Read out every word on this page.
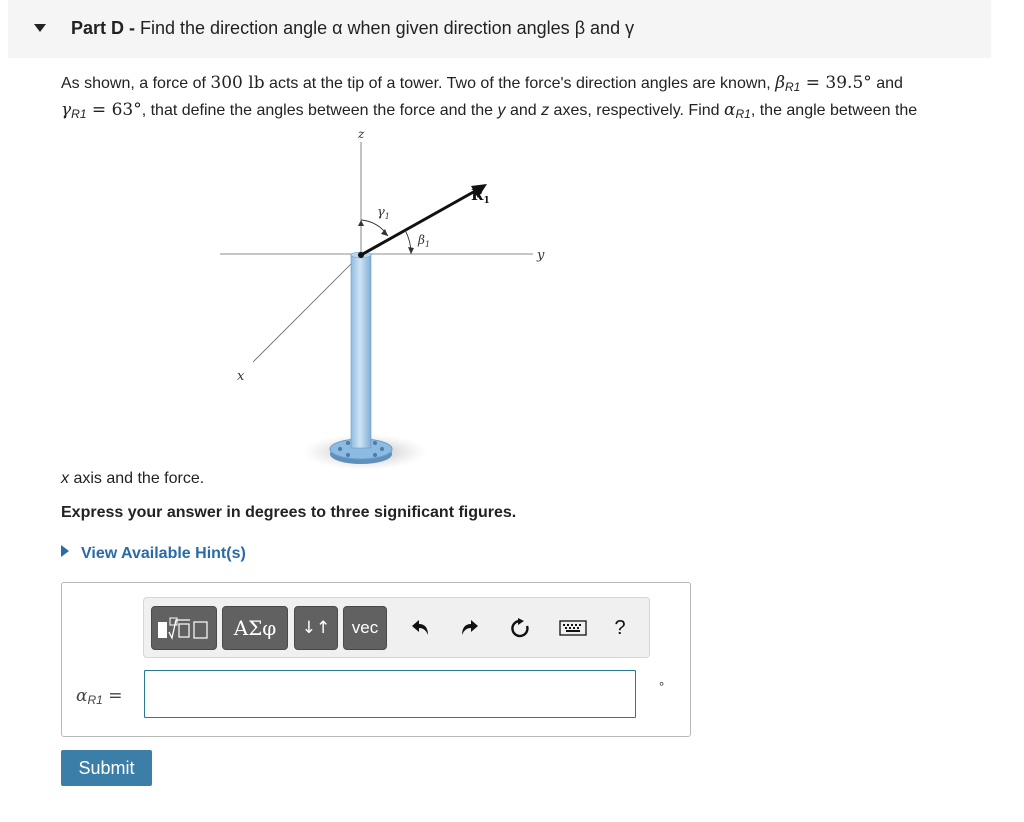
Part D - Find the direction angle α when given direction angles β and γ
As shown, a force of 300 lb acts at the tip of a tower. Two of the force's direction angles are known, $\beta_{R1} = 39.5^\circ$ and
$\gamma_{R1} = 63^\circ$, that define the angles between the force and the y and z axes, respectively. Find $\alpha_{R1}$, the angle between the
z
y
x
$R_1$
$\gamma_1$
$\beta_1$
x axis and the force.
Express your answer in degrees to three significant figures.
View Available Hint(s)
ΑΣφ	↓↑	vec	?
$\alpha_{R1}$ =	°
Submit
